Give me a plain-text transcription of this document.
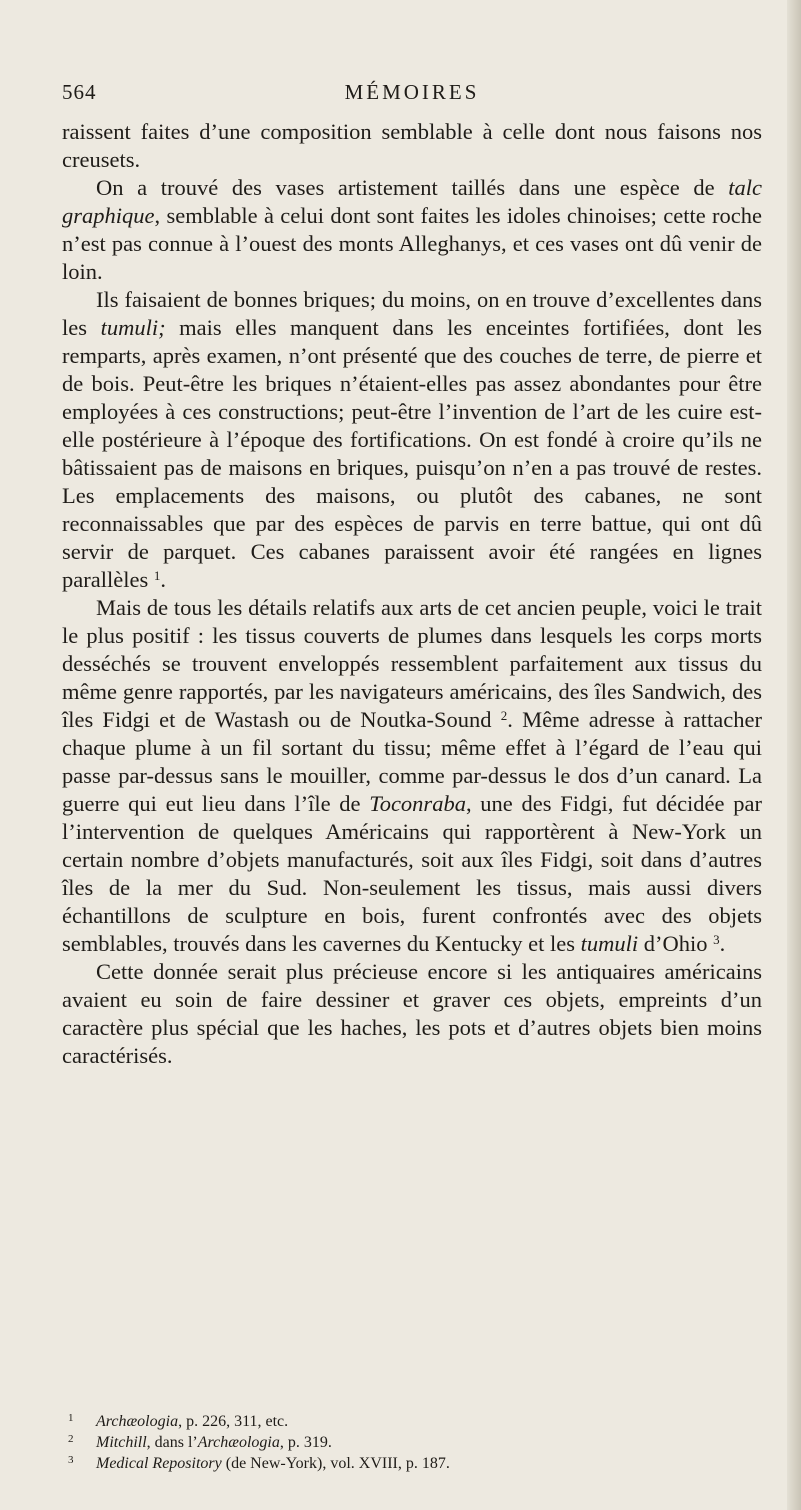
564	MÉMOIRES

raissent faites d’une composition semblable à celle dont nous faisons nos creusets.

On a trouvé des vases artistement taillés dans une espèce de talc graphique, semblable à celui dont sont faites les idoles chinoises; cette roche n’est pas connue à l’ouest des monts Alleghanys, et ces vases ont dû venir de loin.

Ils faisaient de bonnes briques; du moins, on en trouve d’excellentes dans les tumuli; mais elles manquent dans les enceintes fortifiées, dont les remparts, après examen, n’ont présenté que des couches de terre, de pierre et de bois. Peut-être les briques n’étaient-elles pas assez abondantes pour être employées à ces constructions; peut-être l’invention de l’art de les cuire est-elle postérieure à l’époque des fortifications. On est fondé à croire qu’ils ne bâtissaient pas de maisons en briques, puisqu’on n’en a pas trouvé de restes. Les emplacements des maisons, ou plutôt des cabanes, ne sont reconnaissables que par des espèces de parvis en terre battue, qui ont dû servir de parquet. Ces cabanes paraissent avoir été rangées en lignes parallèles $^1$.

Mais de tous les détails relatifs aux arts de cet ancien peuple, voici le trait le plus positif : les tissus couverts de plumes dans lesquels les corps morts desséchés se trouvent enveloppés ressemblent parfaitement aux tissus du même genre rapportés, par les navigateurs américains, des îles Sandwich, des îles Fidgi et de Wastash ou de Noutka-Sound $^2$. Même adresse à rattacher chaque plume à un fil sortant du tissu; même effet à l’égard de l’eau qui passe par-dessus sans le mouiller, comme par-dessus le dos d’un canard. La guerre qui eut lieu dans l’île de Toconraba, une des Fidgi, fut décidée par l’intervention de quelques Américains qui rapportèrent à New-York un certain nombre d’objets manufacturés, soit aux îles Fidgi, soit dans d’autres îles de la mer du Sud. Non-seulement les tissus, mais aussi divers échantillons de sculpture en bois, furent confrontés avec des objets semblables, trouvés dans les cavernes du Kentucky et les tumuli d’Ohio $^3$.

Cette donnée serait plus précieuse encore si les antiquaires américains avaient eu soin de faire dessiner et graver ces objets, empreints d’un caractère plus spécial que les haches, les pots et d’autres objets bien moins caractérisés.

1 Archæologia, p. 226, 311, etc.
2 Mitchill, dans l’Archæologia, p. 319.
3 Medical Repository (de New-York), vol. XVIII, p. 187.
